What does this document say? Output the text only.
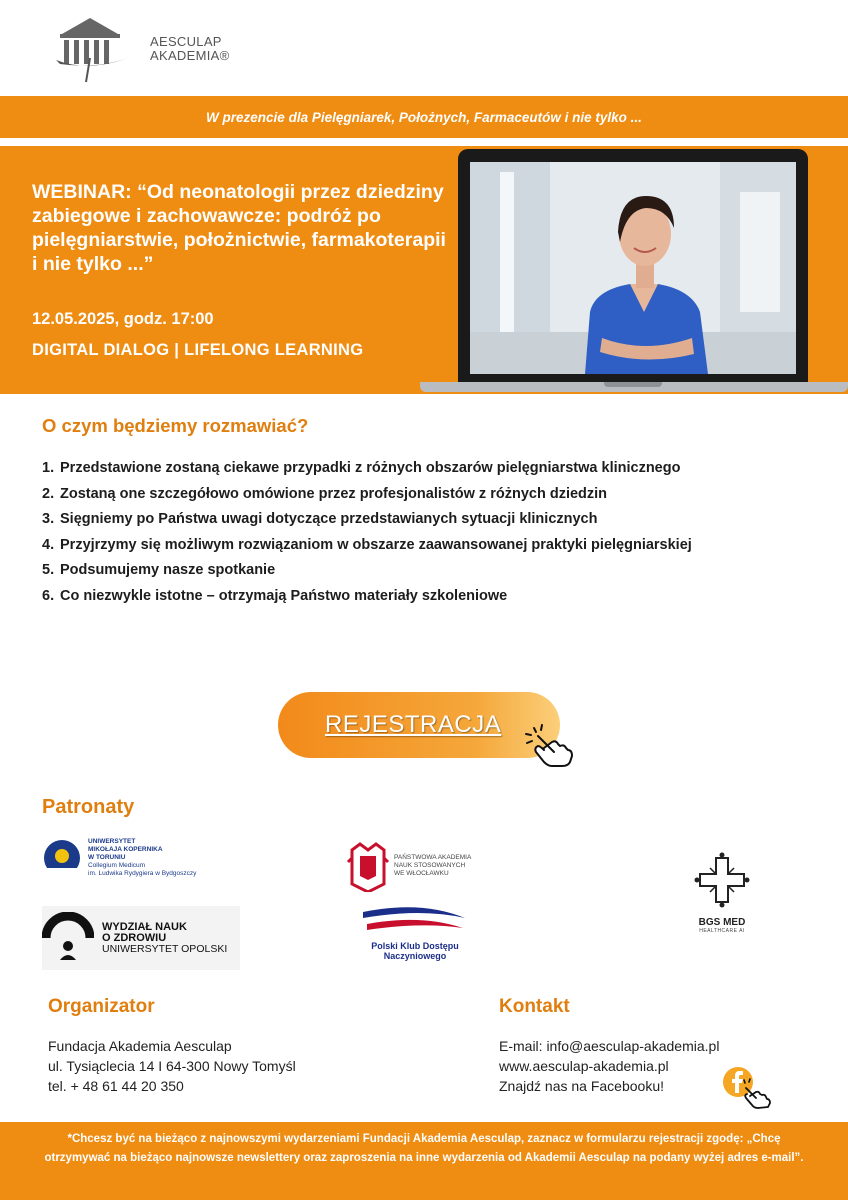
AESCULAP
AKADEMIA®
W prezencie dla Pielęgniarek, Położnych, Farmaceutów i nie tylko ...
WEBINAR: “Od neonatologii przez dziedziny zabiegowe i zachowawcze: podróż po pielęgniarstwie, położnictwie, farmakoterapii i nie tylko ...”
12.05.2025, godz. 17:00
DIGITAL DIALOG | LIFELONG LEARNING
O czym będziemy rozmawiać?
1. Przedstawione zostaną ciekawe przypadki z różnych obszarów pielęgniarstwa klinicznego
2. Zostaną one szczegółowo omówione przez profesjonalistów z różnych dziedzin
3. Sięgniemy po Państwa uwagi dotyczące przedstawianych sytuacji klinicznych
4. Przyjrzymy się możliwym rozwiązaniom w obszarze zaawansowanej praktyki pielęgniarskiej
5. Podsumujemy nasze spotkanie
6. Co niezwykle istotne – otrzymają Państwo materiały szkoleniowe
REJESTRACJA
Patronaty
UNIWERSYTET
MIKOŁAJA KOPERNIKA
W TORUNIU
Collegium Medicum
im. Ludwika Rydygiera w Bydgoszczy
PAŃSTWOWA AKADEMIA
NAUK STOSOWANYCH
WE WŁOCŁAWKU
BGS MED
HEALTHCARE AI
WYDZIAŁ NAUK
O ZDROWIU
UNIWERSYTET OPOLSKI	Polski Klub Dostępu
Naczyniowego
Organizator
Fundacja Akademia Aesculap
ul. Tysiąclecia 14 I 64-300 Nowy Tomyśl
tel. + 48 61 44 20 350
Kontakt
E-mail: info@aesculap-akademia.pl
www.aesculap-akademia.pl
Znajdź nas na Facebooku!
*Chcesz być na bieżąco z najnowszymi wydarzeniami Fundacji Akademia Aesculap, zaznacz w formularzu rejestracji zgodę: „Chcę otrzymywać na bieżąco najnowsze newslettery oraz zaproszenia na inne wydarzenia od Akademii Aesculap na podany wyżej adres e-mail”.
